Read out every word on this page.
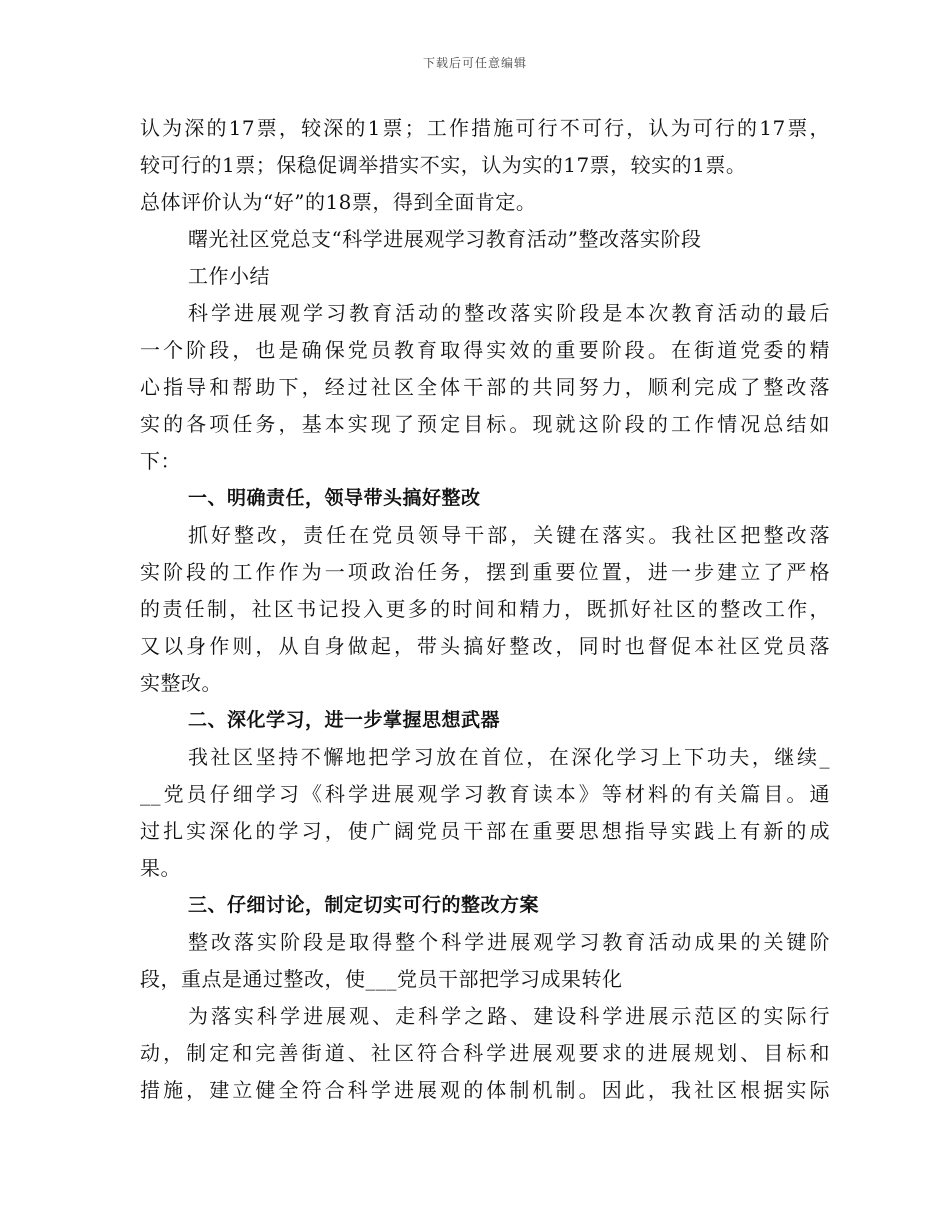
下载后可任意编辑
认为深的17票，较深的1票；工作措施可行不可行，认为可行的17票，
较可行的1票；保稳促调举措实不实，认为实的17票，较实的1票。
总体评价认为“好”的18票，得到全面肯定。
曙光社区党总支“科学进展观学习教育活动”整改落实阶段
工作小结
科学进展观学习教育活动的整改落实阶段是本次教育活动的最后
一个阶段，也是确保党员教育取得实效的重要阶段。在街道党委的精
心指导和帮助下，经过社区全体干部的共同努力，顺利完成了整改落
实的各项任务，基本实现了预定目标。现就这阶段的工作情况总结如
下：
一、明确责任，领导带头搞好整改
抓好整改，责任在党员领导干部，关键在落实。我社区把整改落
实阶段的工作作为一项政治任务，摆到重要位置，进一步建立了严格
的责任制，社区书记投入更多的时间和精力，既抓好社区的整改工作，
又以身作则，从自身做起，带头搞好整改，同时也督促本社区党员落
实整改。
二、深化学习，进一步掌握思想武器
我社区坚持不懈地把学习放在首位，在深化学习上下功夫，继续_
__党员仔细学习《科学进展观学习教育读本》等材料的有关篇目。通
过扎实深化的学习，使广阔党员干部在重要思想指导实践上有新的成
果。
三、仔细讨论，制定切实可行的整改方案
整改落实阶段是取得整个科学进展观学习教育活动成果的关键阶
段，重点是通过整改，使___党员干部把学习成果转化
为落实科学进展观、走科学之路、建设科学进展示范区的实际行
动，制定和完善街道、社区符合科学进展观要求的进展规划、目标和
措施，建立健全符合科学进展观的体制机制。因此，我社区根据实际
